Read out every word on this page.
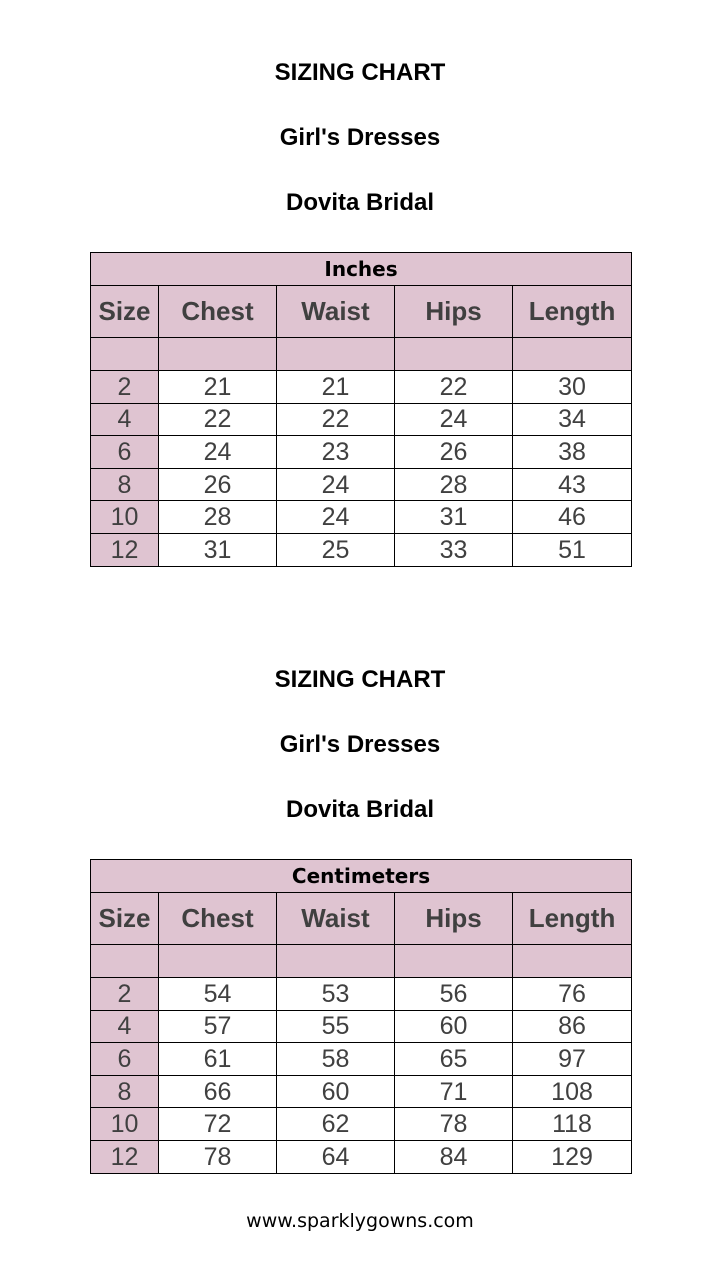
SIZING CHART
Girl's Dresses
Dovita Bridal
Inches				
Size	Chest	Waist	Hips	Length

2	21	21	22	30
4	22	22	24	34
6	24	23	26	38
8	26	24	28	43
10	28	24	31	46
12	31	25	33	51
SIZING CHART
Girl's Dresses
Dovita Bridal
Centimeters				
Size	Chest	Waist	Hips	Length

2	54	53	56	76
4	57	55	60	86
6	61	58	65	97
8	66	60	71	108
10	72	62	78	118
12	78	64	84	129
www.sparklygowns.com
